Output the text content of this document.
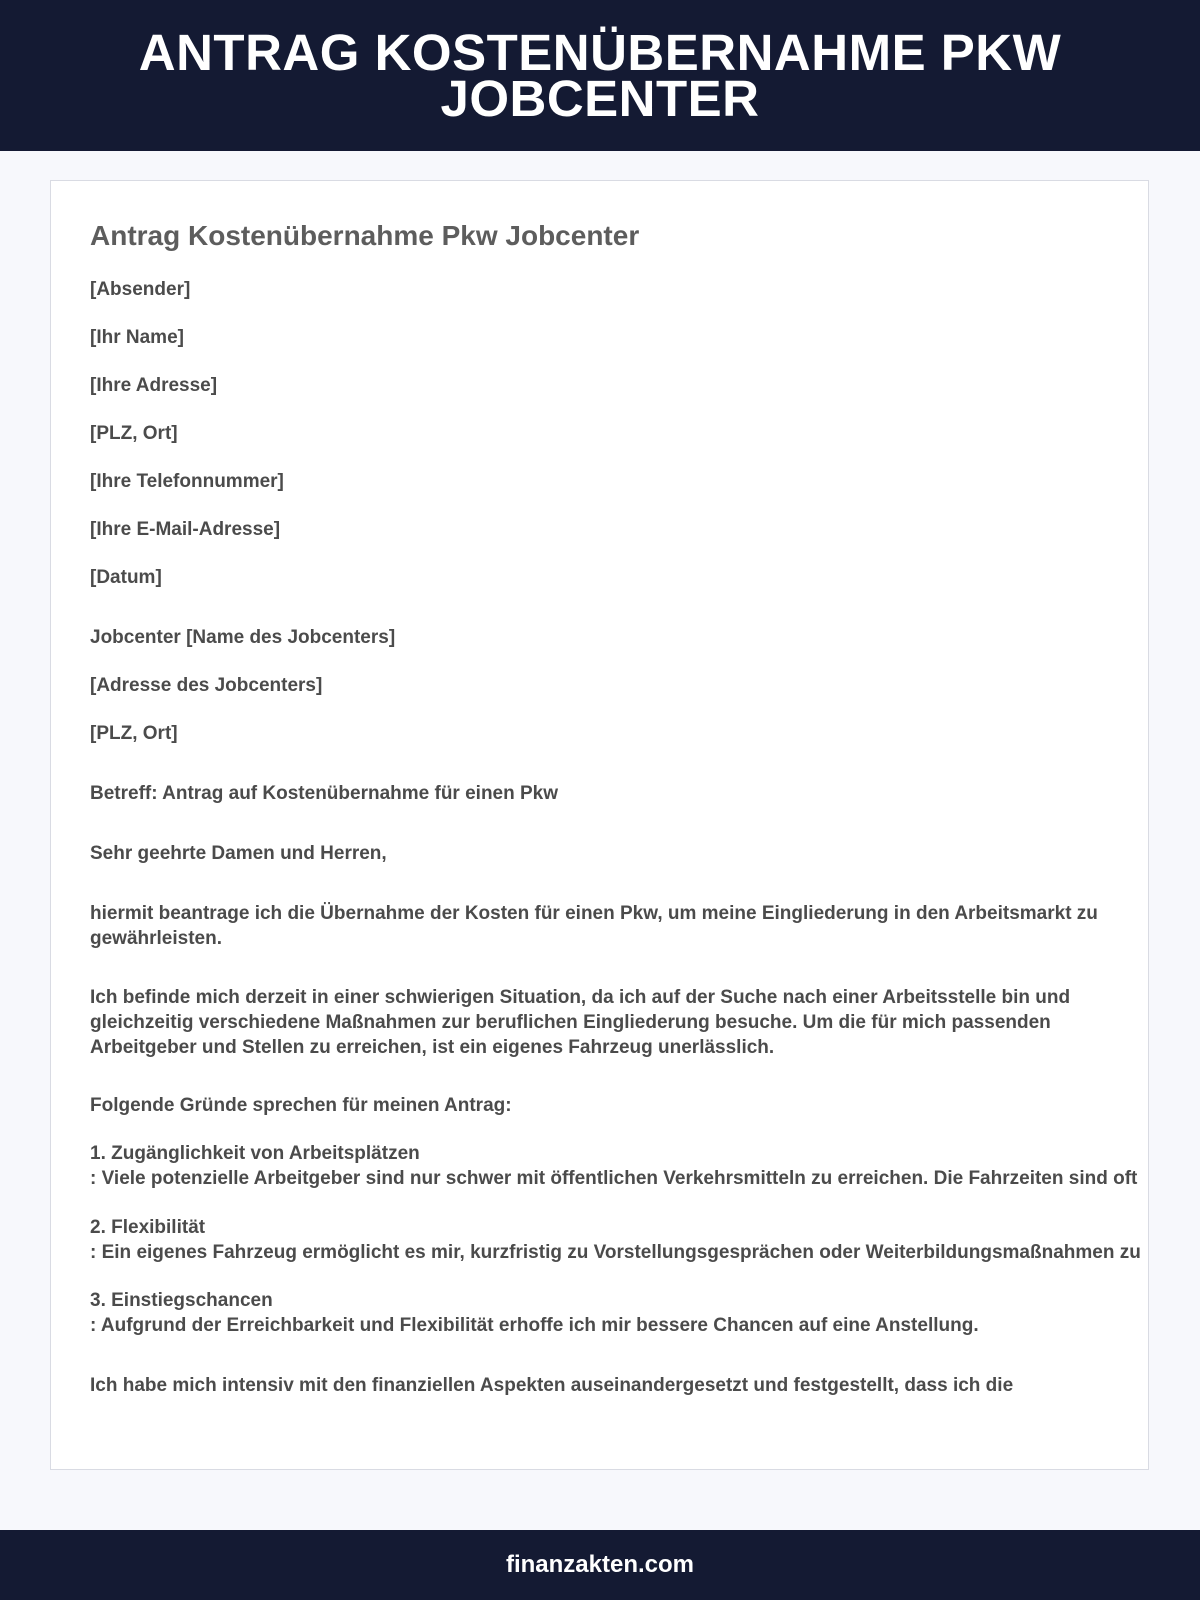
ANTRAG KOSTENÜBERNAHME PKW JOBCENTER
Antrag Kostenübernahme Pkw Jobcenter

[Absender]

[Ihr Name]

[Ihre Adresse]

[PLZ, Ort]

[Ihre Telefonnummer]

[Ihre E-Mail-Adresse]

[Datum]

Jobcenter [Name des Jobcenters]

[Adresse des Jobcenters]

[PLZ, Ort]

Betreff: Antrag auf Kostenübernahme für einen Pkw

Sehr geehrte Damen und Herren,

hiermit beantrage ich die Übernahme der Kosten für einen Pkw, um meine Eingliederung in den Arbeitsmarkt zu gewährleisten.

Ich befinde mich derzeit in einer schwierigen Situation, da ich auf der Suche nach einer Arbeitsstelle bin und gleichzeitig verschiedene Maßnahmen zur beruflichen Eingliederung besuche. Um die für mich passenden Arbeitgeber und Stellen zu erreichen, ist ein eigenes Fahrzeug unerlässlich.

Folgende Gründe sprechen für meinen Antrag:

1. Zugänglichkeit von Arbeitsplätzen

: Viele potenzielle Arbeitgeber sind nur schwer mit öffentlichen Verkehrsmitteln zu erreichen. Die Fahrzeiten sind oft

2. Flexibilität

: Ein eigenes Fahrzeug ermöglicht es mir, kurzfristig zu Vorstellungsgesprächen oder Weiterbildungsmaßnahmen zu

3. Einstiegschancen

: Aufgrund der Erreichbarkeit und Flexibilität erhoffe ich mir bessere Chancen auf eine Anstellung.

Ich habe mich intensiv mit den finanziellen Aspekten auseinandergesetzt und festgestellt, dass ich die

finanzakten.com
